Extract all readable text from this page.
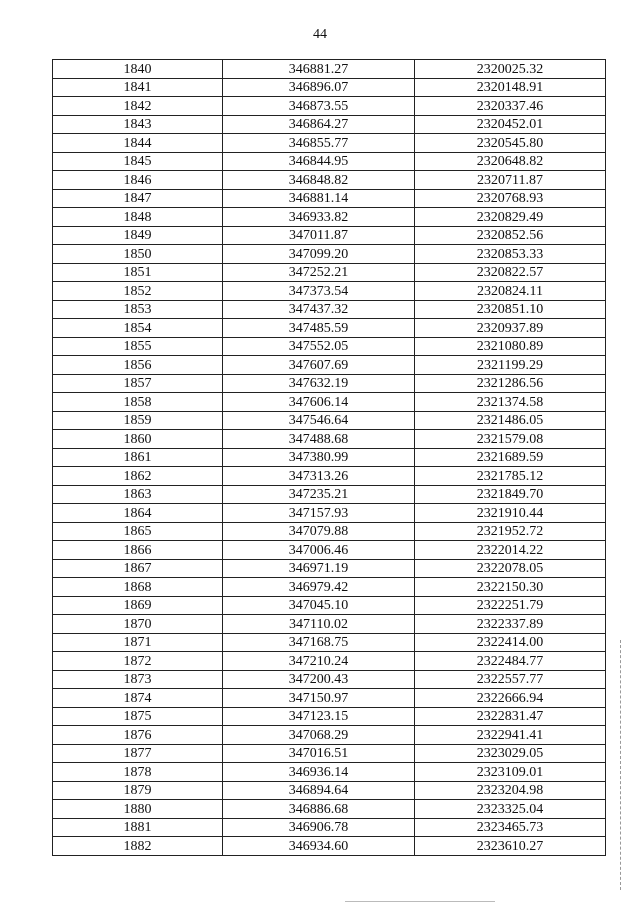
44
1840	346881.27	2320025.32
1841	346896.07	2320148.91
1842	346873.55	2320337.46
1843	346864.27	2320452.01
1844	346855.77	2320545.80
1845	346844.95	2320648.82
1846	346848.82	2320711.87
1847	346881.14	2320768.93
1848	346933.82	2320829.49
1849	347011.87	2320852.56
1850	347099.20	2320853.33
1851	347252.21	2320822.57
1852	347373.54	2320824.11
1853	347437.32	2320851.10
1854	347485.59	2320937.89
1855	347552.05	2321080.89
1856	347607.69	2321199.29
1857	347632.19	2321286.56
1858	347606.14	2321374.58
1859	347546.64	2321486.05
1860	347488.68	2321579.08
1861	347380.99	2321689.59
1862	347313.26	2321785.12
1863	347235.21	2321849.70
1864	347157.93	2321910.44
1865	347079.88	2321952.72
1866	347006.46	2322014.22
1867	346971.19	2322078.05
1868	346979.42	2322150.30
1869	347045.10	2322251.79
1870	347110.02	2322337.89
1871	347168.75	2322414.00
1872	347210.24	2322484.77
1873	347200.43	2322557.77
1874	347150.97	2322666.94
1875	347123.15	2322831.47
1876	347068.29	2322941.41
1877	347016.51	2323029.05
1878	346936.14	2323109.01
1879	346894.64	2323204.98
1880	346886.68	2323325.04
1881	346906.78	2323465.73
1882	346934.60	2323610.27
